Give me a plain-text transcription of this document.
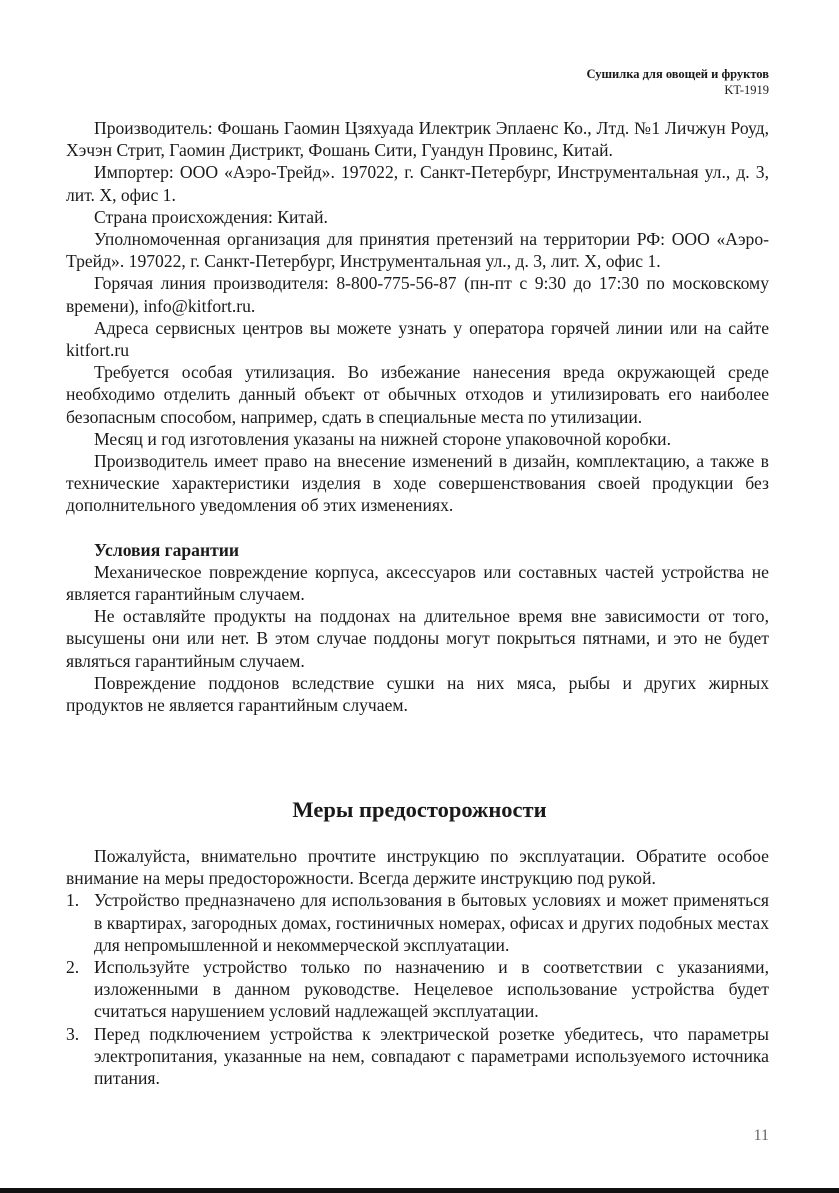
Сушилка для овощей и фруктов
KT-1919

Производитель: Фошань Гаомин Цзяхуада Илектрик Эплаенс Ко., Лтд. №1 Личжун Роуд, Хэчэн Стрит, Гаомин Дистрикт, Фошань Сити, Гуандун Провинс, Китай.

Импортер: ООО «Аэро-Трейд». 197022, г. Санкт-Петербург, Инструментальная ул., д. 3, лит. Х, офис 1.

Страна происхождения: Китай.

Уполномоченная организация для принятия претензий на территории РФ: ООО «Аэро-Трейд». 197022, г. Санкт-Петербург, Инструментальная ул., д. 3, лит. Х, офис 1.

Горячая линия производителя: 8-800-775-56-87 (пн-пт с 9:30 до 17:30 по московскому времени), info@kitfort.ru.

Адреса сервисных центров вы можете узнать у оператора горячей линии или на сайте kitfort.ru

Требуется особая утилизация. Во избежание нанесения вреда окружающей среде необходимо отделить данный объект от обычных отходов и утилизировать его наиболее безопасным способом, например, сдать в специальные места по утилизации.

Месяц и год изготовления указаны на нижней стороне упаковочной коробки.

Производитель имеет право на внесение изменений в дизайн, комплектацию, а также в технические характеристики изделия в ходе совершенствования своей продукции без дополнительного уведомления об этих изменениях.

Условия гарантии

Механическое повреждение корпуса, аксессуаров или составных частей устройства не является гарантийным случаем.

Не оставляйте продукты на поддонах на длительное время вне зависимости от того, высушены они или нет. В этом случае поддоны могут покрыться пятнами, и это не будет являться гарантийным случаем.

Повреждение поддонов вследствие сушки на них мяса, рыбы и других жирных продуктов не является гарантийным случаем.

Меры предосторожности

Пожалуйста, внимательно прочтите инструкцию по эксплуатации. Обратите особое внимание на меры предосторожности. Всегда держите инструкцию под рукой.

1. Устройство предназначено для использования в бытовых условиях и может применяться в квартирах, загородных домах, гостиничных номерах, офисах и других подобных местах для непромышленной и некоммерческой эксплуатации.
2. Используйте устройство только по назначению и в соответствии с указаниями, изложенными в данном руководстве. Нецелевое использование устройства будет считаться нарушением условий надлежащей эксплуатации.
3. Перед подключением устройства к электрической розетке убедитесь, что параметры электропитания, указанные на нем, совпадают с параметрами используемого источника питания.
11
